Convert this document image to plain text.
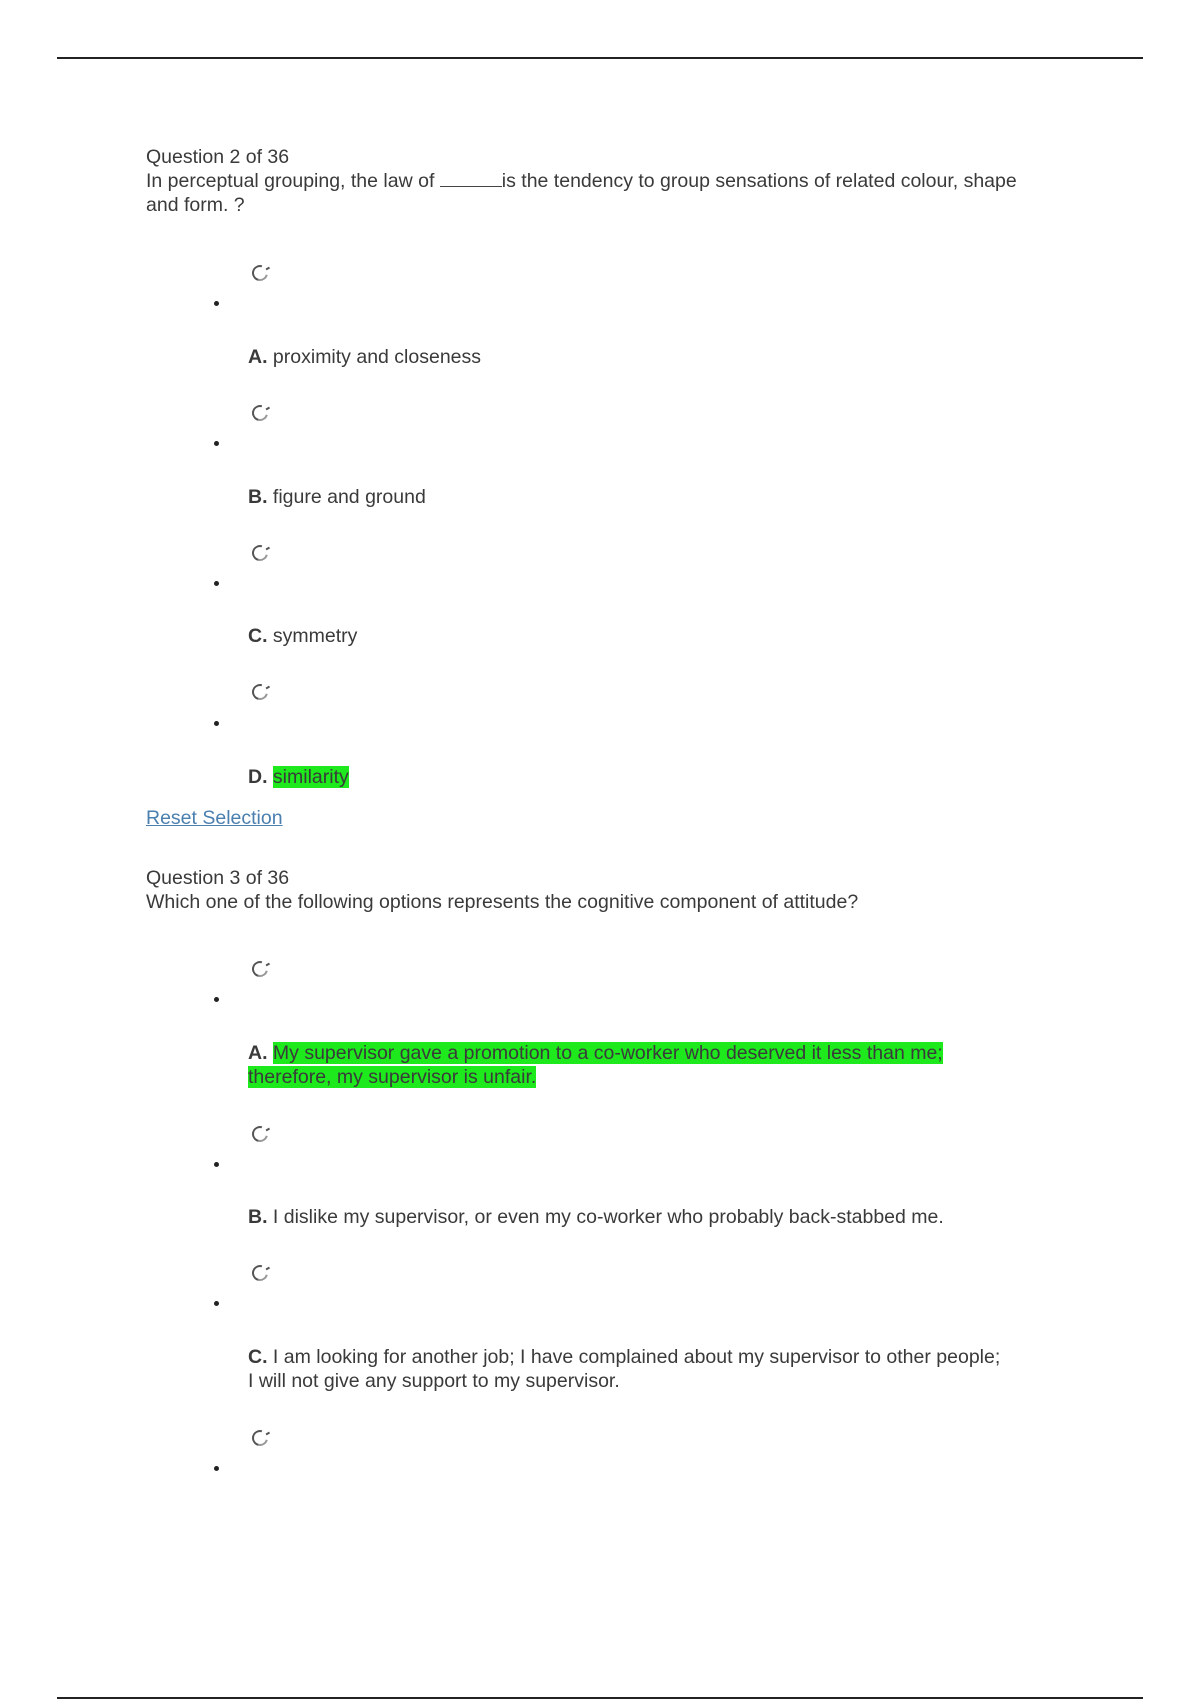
Question 2 of 36
In perceptual grouping, the law of	is the tendency to group sensations of related colour, shape and form. ?
A. proximity and closeness
B. figure and ground
C. symmetry
D. similarity
Reset Selection
Question 3 of 36
Which one of the following options represents the cognitive component of attitude?
A. My supervisor gave a promotion to a co-worker who deserved it less than me; therefore, my supervisor is unfair.
B. I dislike my supervisor, or even my co-worker who probably back-stabbed me.
C. I am looking for another job; I have complained about my supervisor to other people; I will not give any support to my supervisor.
